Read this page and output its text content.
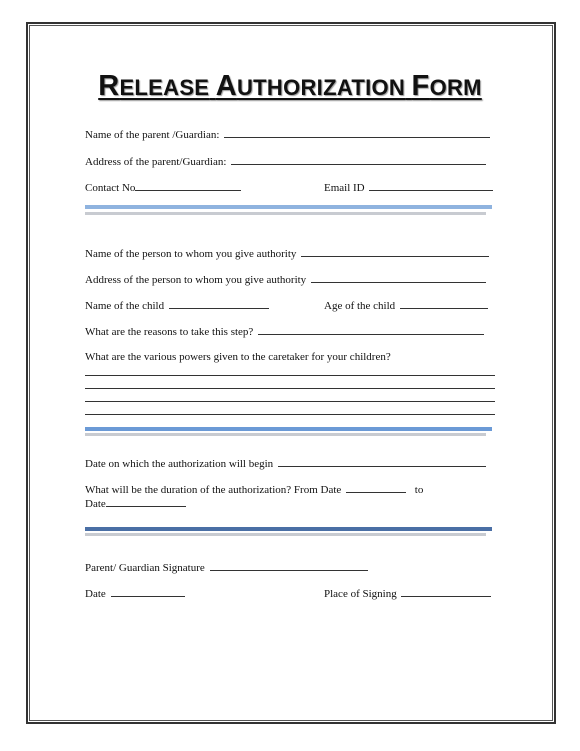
RELEASE AUTHORIZATION FORM
Name of the parent /Guardian:
Address of the parent/Guardian:
Contact No	Email ID
Name of the person to whom you give authority
Address of the person to whom you give authority
Name of the child	Age of the child
What are the reasons to take this step?
What are the various powers given to the caretaker for your children?
Date on which the authorization will begin
What will be the duration of the authorization? From Date	to
Date
Parent/ Guardian Signature
Date	Place of Signing
